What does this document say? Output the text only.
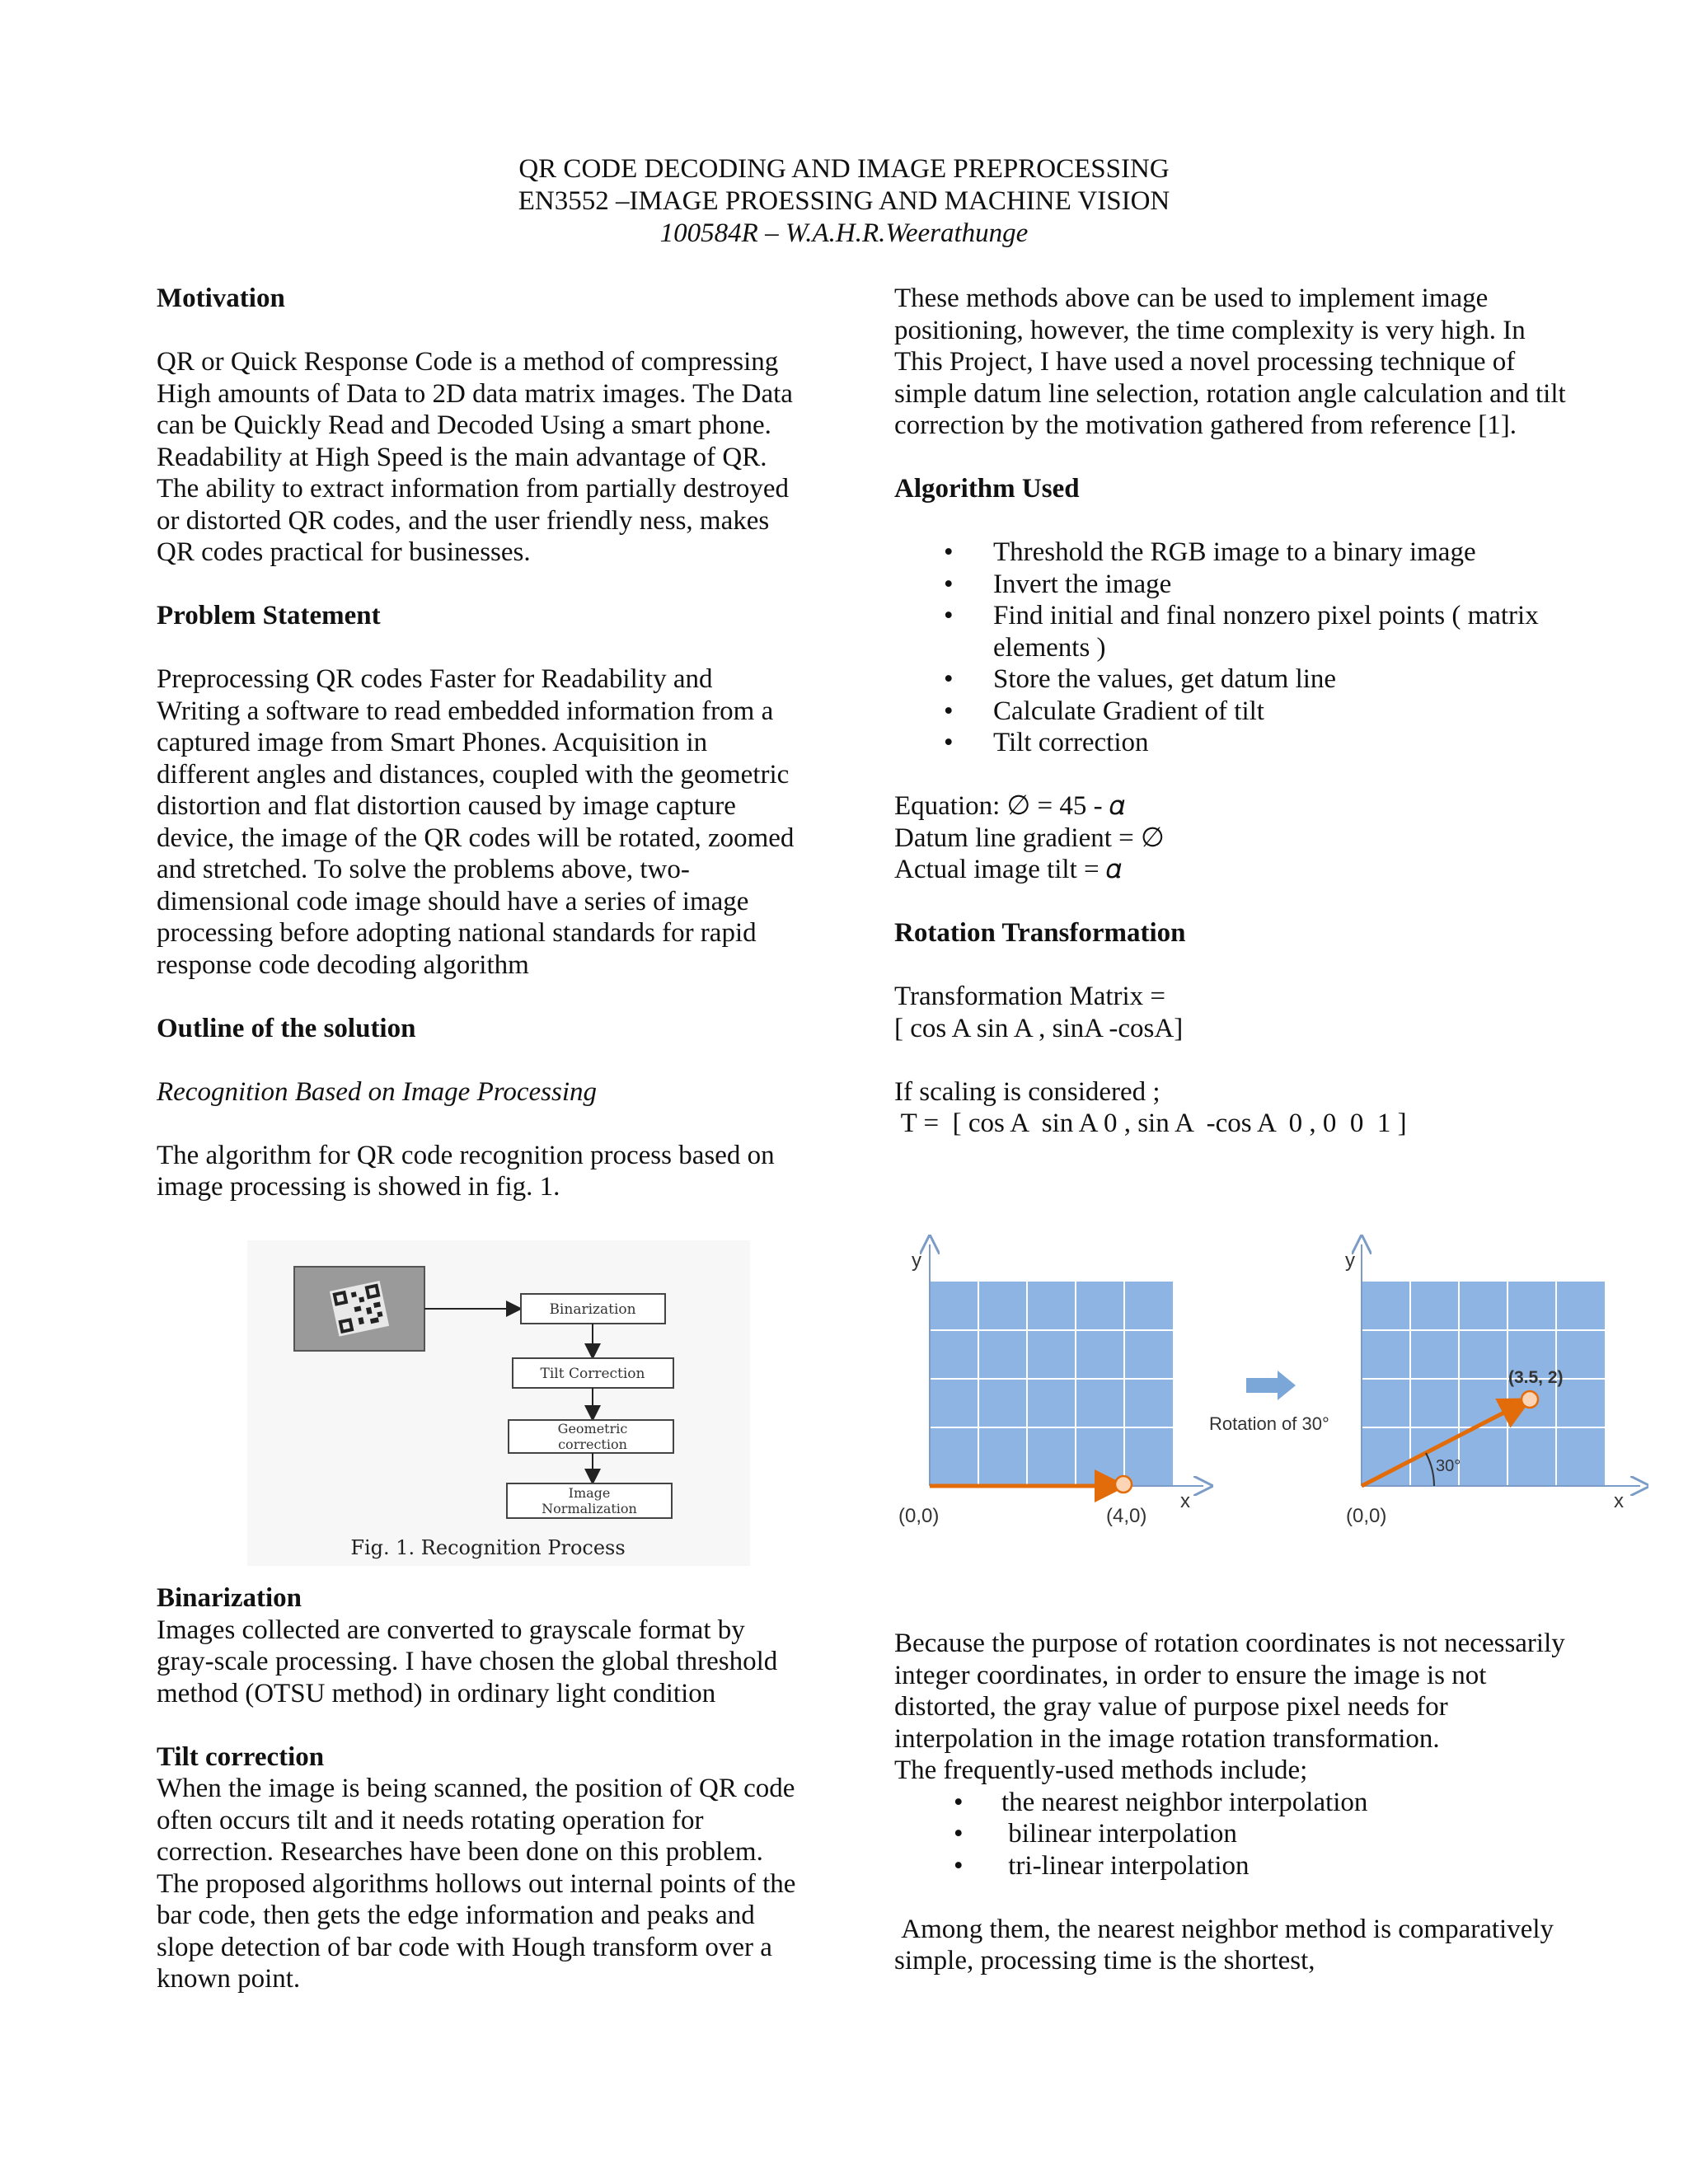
QR CODE DECODING AND IMAGE PREPROCESSING
EN3552 –IMAGE PROESSING AND MACHINE VISION
100584R – W.A.H.R.Weerathunge

Motivation

QR or Quick Response Code is a method of compressing High amounts of Data to 2D data matrix images. The Data can be Quickly Read and Decoded Using a smart phone.

Readability at High Speed is the main advantage of QR. The ability to extract information from partially destroyed or distorted QR codes, and the user friendly ness, makes QR codes practical for businesses.

Problem Statement

Preprocessing QR codes Faster for Readability and Writing a software to read embedded information from a captured image from Smart Phones. Acquisition in different angles and distances, coupled with the geometric distortion and flat distortion caused by image capture device, the image of the QR codes will be rotated, zoomed and stretched. To solve the problems above, two-dimensional code image should have a series of image processing before adopting national standards for rapid response code decoding algorithm

Outline of the solution

Recognition Based on Image Processing

The algorithm for QR code recognition process based on image processing is showed in fig. 1.

Binarization

Images collected are converted to grayscale format by gray-scale processing. I have chosen the global threshold method (OTSU method) in ordinary light condition

Tilt correction

When the image is being scanned, the position of QR code often occurs tilt and it needs rotating operation for correction. Researches have been done on this problem. The proposed algorithms hollows out internal points of the bar code, then gets the edge information and peaks and slope detection of bar code with Hough transform over a known point.

Binarization
Tilt Correction
Geometric
correction
Image
Normalization
Fig. 1. Recognition Process

These methods above can be used to implement image positioning, however, the time complexity is very high. In This Project, I have used a novel processing technique of simple datum line selection, rotation angle calculation and tilt correction by the motivation gathered from reference [1].

Algorithm Used

• Threshold the RGB image to a binary image
• Invert the image
• Find initial and final nonzero pixel points ( matrix elements )
• Store the values, get datum line
• Calculate Gradient of tilt
• Tilt correction

Equation: ∅ = 45 - 𝛼

Datum line gradient = ∅

Actual image tilt = 𝛼

Rotation Transformation

Transformation Matrix =

[ cos A sin A , sinA -cosA]

If scaling is considered ;

T =  [ cos A  sin A 0 , sin A  -cos A  0 , 0  0  1 ]

y
x
(0,0)	(4,0)
Rotation of 30°
y
x
(0,0)
(3.5, 2)
30°

Because the purpose of rotation coordinates is not necessarily integer coordinates, in order to ensure the image is not distorted, the gray value of purpose pixel needs for interpolation in the image rotation transformation.

The frequently-used methods include;

• the nearest neighbor interpolation
•  bilinear interpolation
•  tri-linear interpolation

Among them, the nearest neighbor method is comparatively simple, processing time is the shortest,
